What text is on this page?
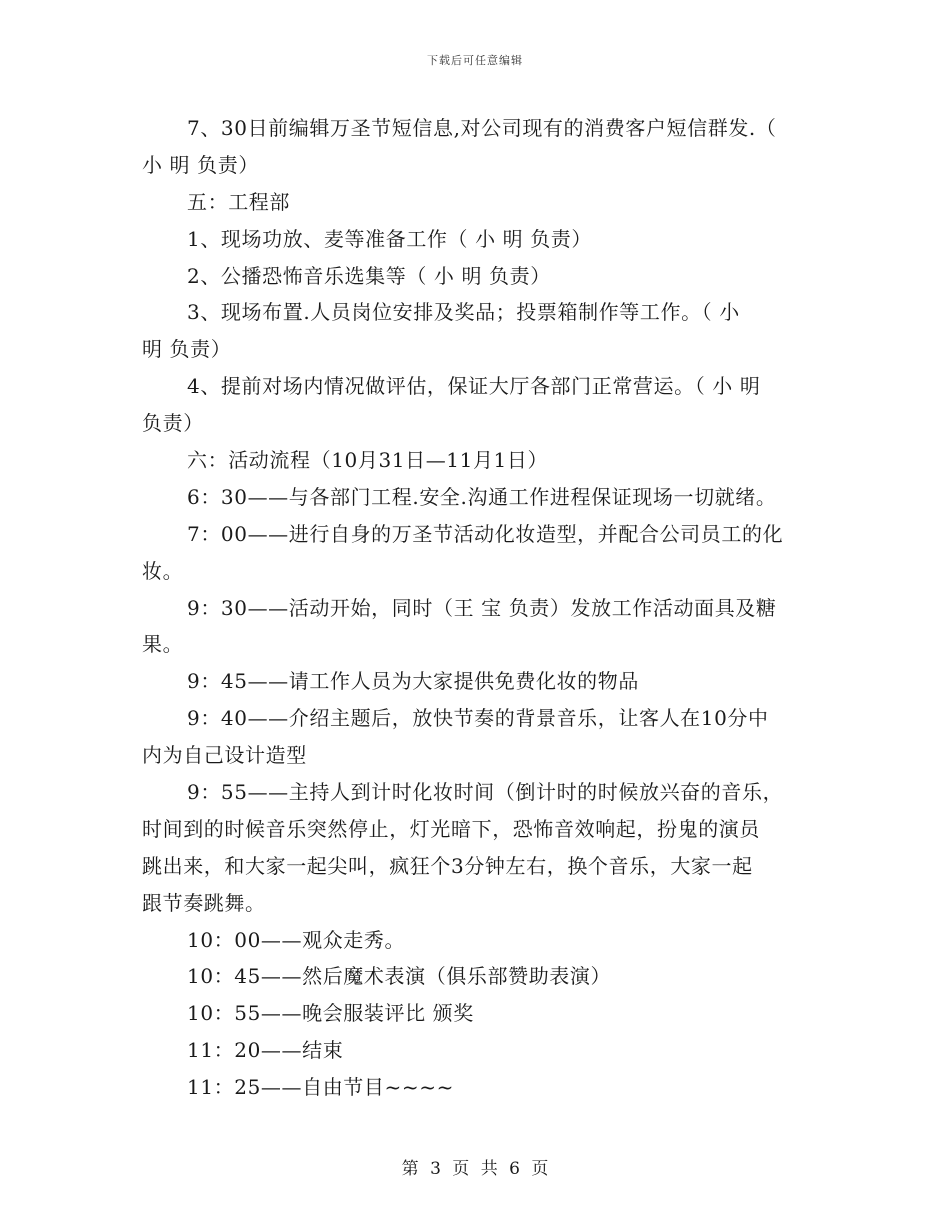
下载后可任意编辑
7、30日前编辑万圣节短信息,对公司现有的消费客户短信群发.（
小 明 负责）
五：工程部
1、现场功放、麦等准备工作（ 小 明 负责）
2、公播恐怖音乐选集等（ 小 明 负责）
3、现场布置.人员岗位安排及奖品；投票箱制作等工作。（ 小
明 负责）
4、提前对场内情况做评估，保证大厅各部门正常营运。（ 小 明
负责）
六：活动流程（10月31日—11月1日）
6：30——与各部门工程.安全.沟通工作进程保证现场一切就绪。
7：00——进行自身的万圣节活动化妆造型，并配合公司员工的化
妆。
9：30——活动开始，同时（王 宝 负责）发放工作活动面具及糖
果。
9：45——请工作人员为大家提供免费化妆的物品
9：40——介绍主题后，放快节奏的背景音乐，让客人在10分中
内为自己设计造型
9：55——主持人到计时化妆时间（倒计时的时候放兴奋的音乐，
时间到的时候音乐突然停止，灯光暗下，恐怖音效响起，扮鬼的演员
跳出来，和大家一起尖叫，疯狂个3分钟左右，换个音乐，大家一起
跟节奏跳舞。
10：00——观众走秀。
10：45——然后魔术表演（俱乐部赞助表演）
10：55——晚会服装评比 颁奖
11：20——结束
11：25——自由节目~~~~
第 3 页 共 6 页
